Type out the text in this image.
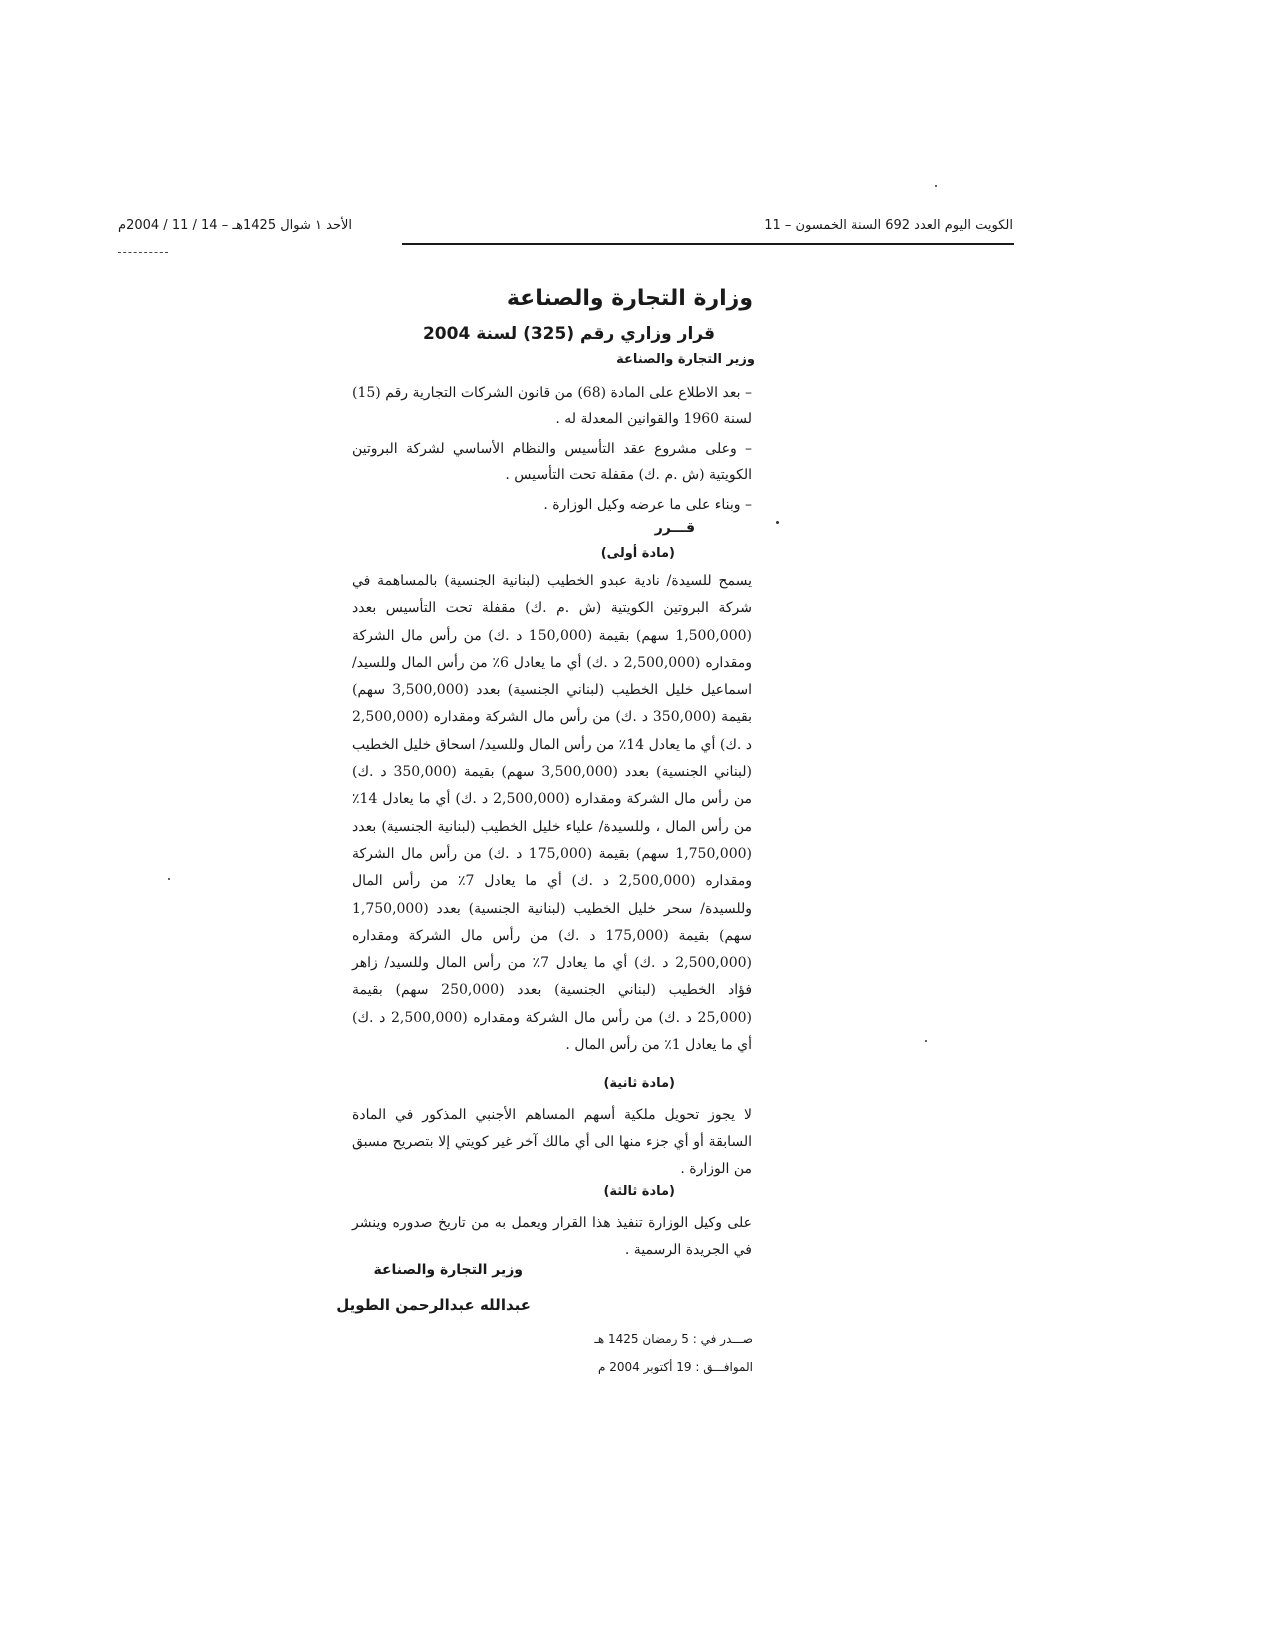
الأحد ١ شوال 1425هـ – 14 / 11 / 2004م	الكويت اليوم العدد 692 السنة الخمسون – 11
وزارة التجارة والصناعة
قرار وزاري رقم (325) لسنة 2004
وزير التجارة والصناعة
– بعد الاطلاع على المادة (68) من قانون الشركات التجارية رقم (15) لسنة 1960 والقوانين المعدلة له .
– وعلى مشروع عقد التأسيس والنظام الأساسي لشركة البروتين الكويتية (ش .م .ك) مقفلة تحت التأسيس .
– وبناء على ما عرضه وكيل الوزارة .
قـــرر
(مادة أولى)
يسمح للسيدة/ نادية عبدو الخطيب (لبنانية الجنسية) بالمساهمة في شركة البروتين الكويتية (ش .م .ك) مقفلة تحت التأسيس بعدد (1,500,000 سهم) بقيمة (150,000 د .ك) من رأس مال الشركة ومقداره (2,500,000 د .ك) أي ما يعادل 6٪ من رأس المال وللسيد/ اسماعيل خليل الخطيب (لبناني الجنسية) بعدد (3,500,000 سهم) بقيمة (350,000 د .ك) من رأس مال الشركة ومقداره (2,500,000 د .ك) أي ما يعادل 14٪ من رأس المال وللسيد/ اسحاق خليل الخطيب (لبناني الجنسية) بعدد (3,500,000 سهم) بقيمة (350,000 د .ك) من رأس مال الشركة ومقداره (2,500,000 د .ك) أي ما يعادل 14٪ من رأس المال ، وللسيدة/ علياء خليل الخطيب (لبنانية الجنسية) بعدد (1,750,000 سهم) بقيمة (175,000 د .ك) من رأس مال الشركة ومقداره (2,500,000 د .ك) أي ما يعادل 7٪ من رأس المال وللسيدة/ سحر خليل الخطيب (لبنانية الجنسية) بعدد (1,750,000 سهم) بقيمة (175,000 د .ك) من رأس مال الشركة ومقداره (2,500,000 د .ك) أي ما يعادل 7٪ من رأس المال وللسيد/ زاهر فؤاد الخطيب (لبناني الجنسية) بعدد (250,000 سهم) بقيمة (25,000 د .ك) من رأس مال الشركة ومقداره (2,500,000 د .ك) أي ما يعادل 1٪ من رأس المال .
(مادة ثانية)
لا يجوز تحويل ملكية أسهم المساهم الأجنبي المذكور في المادة السابقة أو أي جزء منها الى أي مالك آخر غير كويتي إلا بتصريح مسبق من الوزارة .
(مادة ثالثة)
على وكيل الوزارة تنفيذ هذا القرار ويعمل به من تاريخ صدوره وينشر في الجريدة الرسمية .
وزير التجارة والصناعة
عبدالله عبدالرحمن الطويل
صـــدر في : 5 رمضان 1425 هـ
الموافـــق : 19 أكتوبر 2004 م
